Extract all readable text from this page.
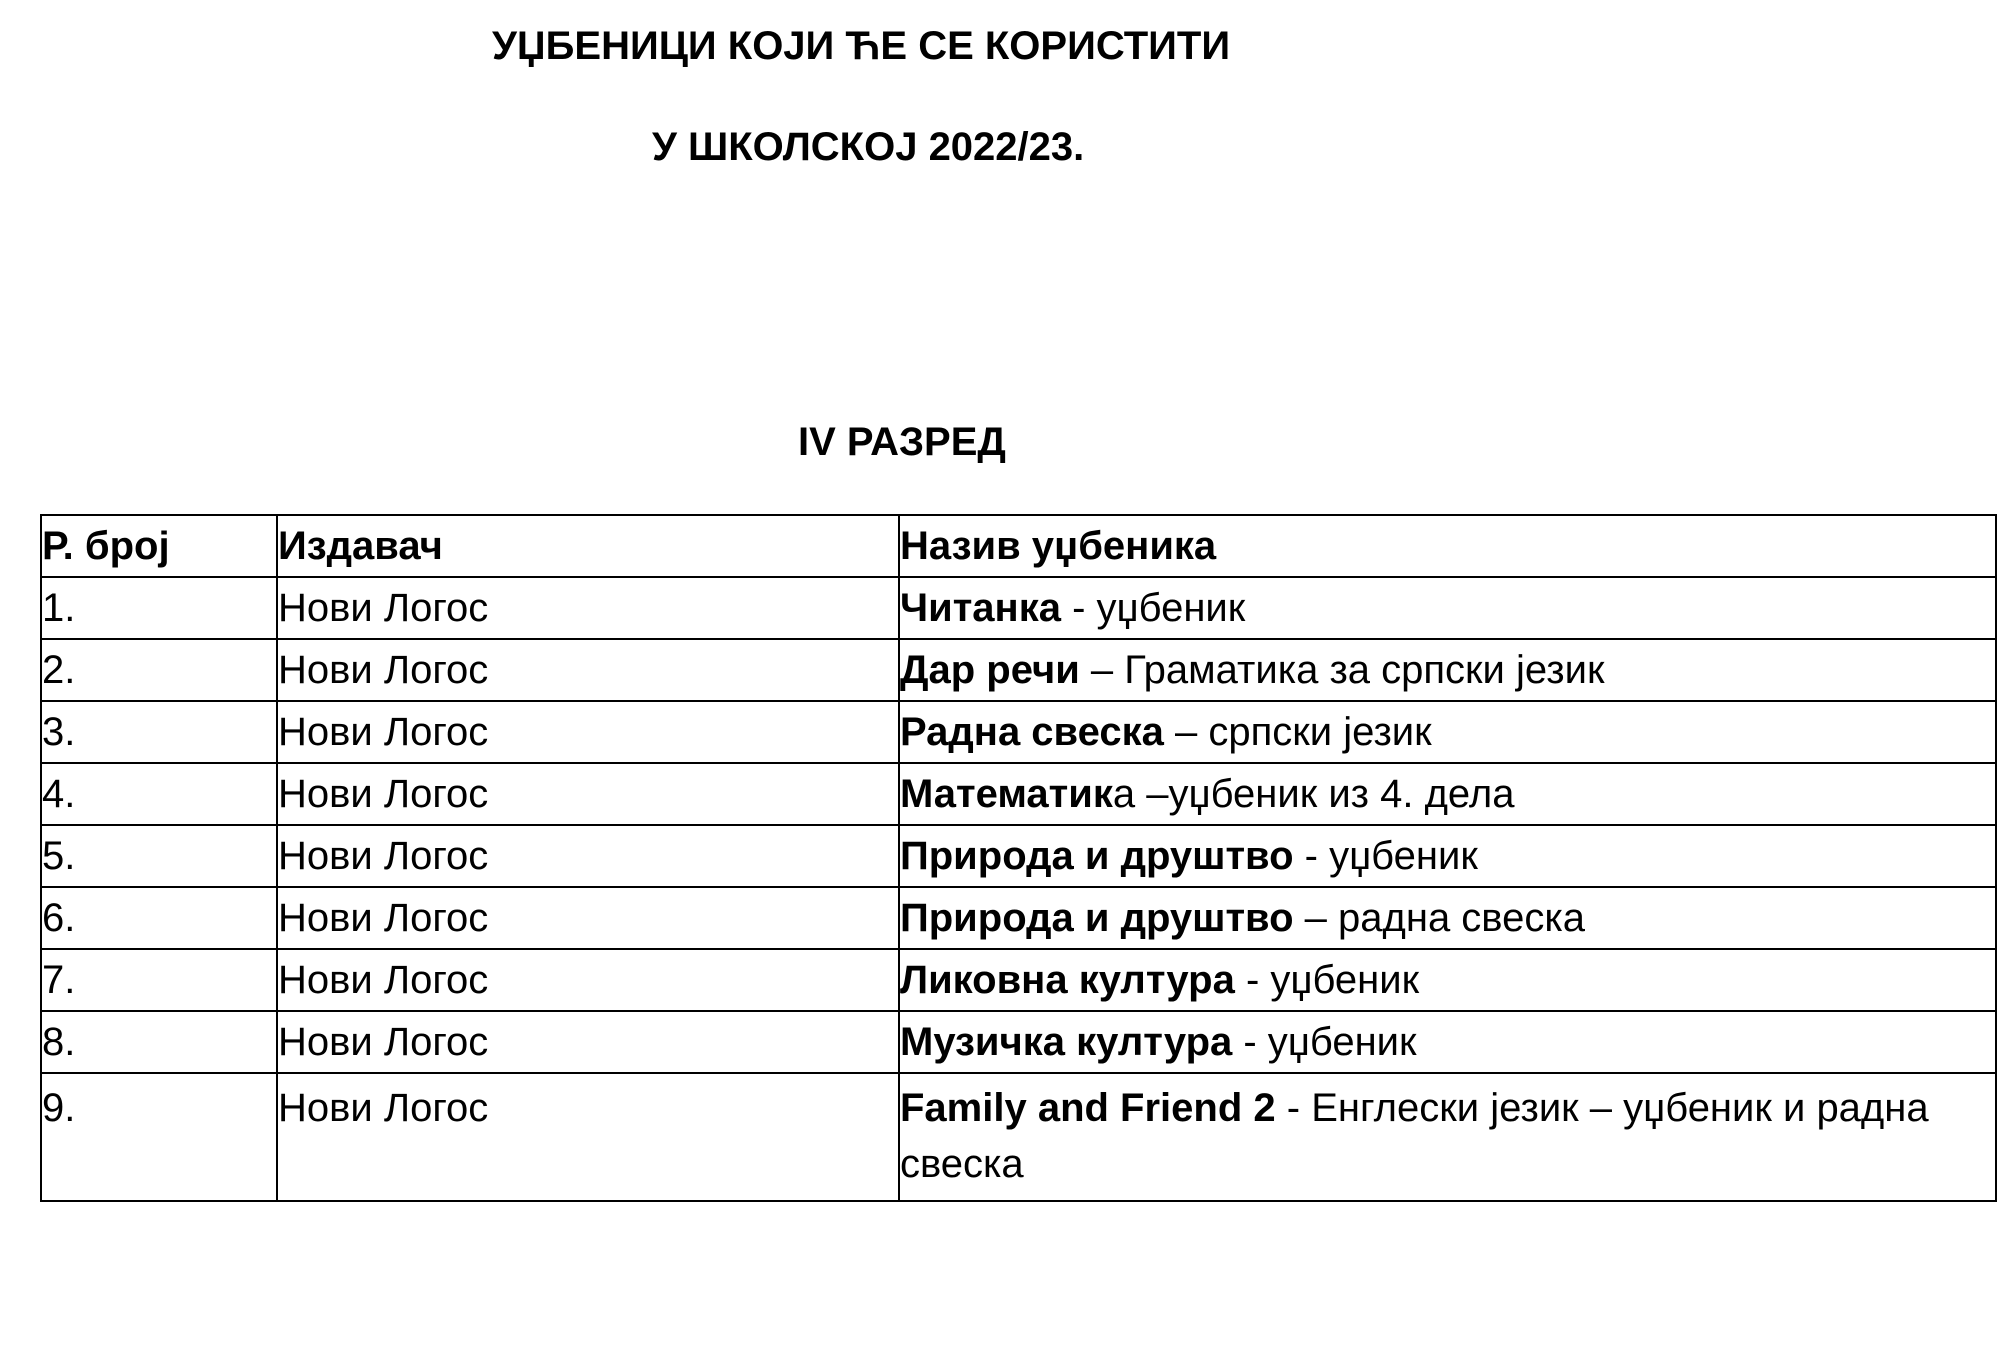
УЏБЕНИЦИ КОЈИ ЋЕ СЕ КОРИСТИТИ
У ШКОЛСКОЈ 2022/23.
IV РАЗРЕД
Р. број	Издавач	Назив уџбеника
1.	Нови Логос	Читанка - уџбеник
2.	Нови Логос	Дар речи – Граматика за српски језик
3.	Нови Логос	Радна свеска – српски језик
4.	Нови Логос	Математика –уџбеник из 4. дела
5.	Нови Логос	Природа и друштво - уџбеник
6.	Нови Логос	Природа и друштво – радна свеска
7.	Нови Логос	Ликовна култура - уџбеник
8.	Нови Логос	Музичка култура - уџбеник
9.	Нови Логос	Family and Friend 2 - Енглески језик – уџбеник и радна свеска
